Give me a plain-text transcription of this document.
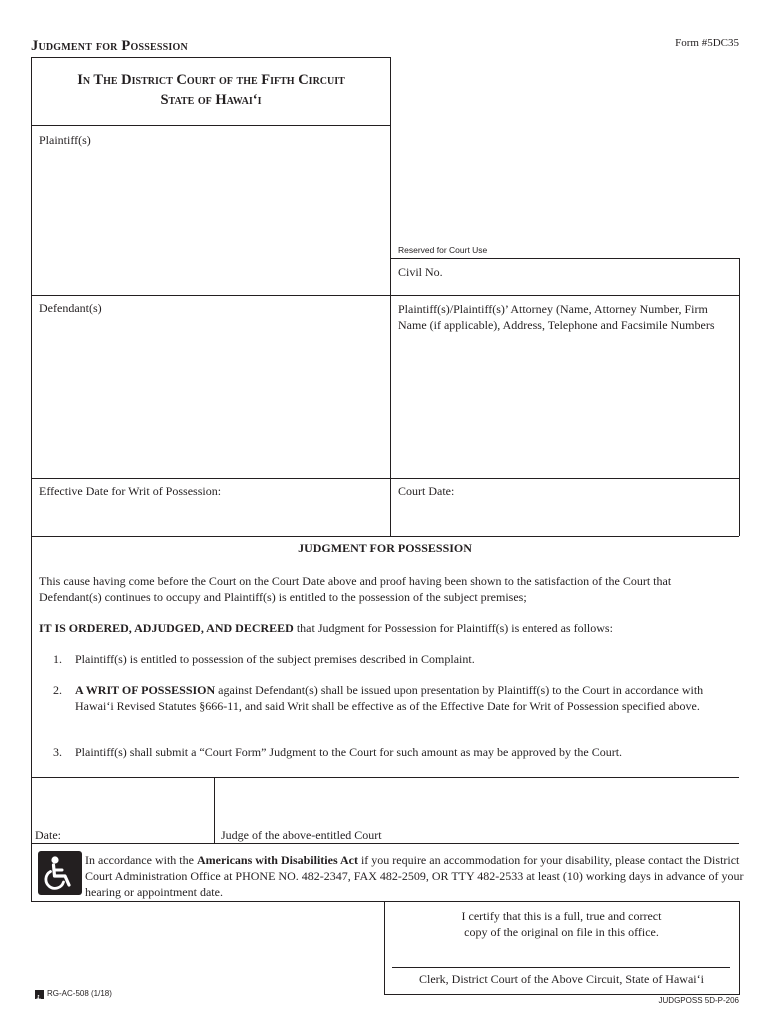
Judgment for Possession	Form #5DC35
In The District Court of the Fifth Circuit
State of Hawai‘i
Plaintiff(s)
Reserved for Court Use
Civil No.
Defendant(s)	Plaintiff(s)/Plaintiff(s)’ Attorney (Name, Attorney Number, Firm Name (if applicable), Address, Telephone and Facsimile Numbers
Effective Date for Writ of Possession:	Court Date:
JUDGMENT FOR POSSESSION
This cause having come before the Court on the Court Date above and proof having been shown to the satisfaction of the Court that Defendant(s) continues to occupy and Plaintiff(s) is entitled to the possession of the subject premises;
IT IS ORDERED, ADJUDGED, AND DECREED that Judgment for Possession for Plaintiff(s) is entered as follows:
1. Plaintiff(s) is entitled to possession of the subject premises described in Complaint.
2. A WRIT OF POSSESSION against Defendant(s) shall be issued upon presentation by Plaintiff(s) to the Court in accordance with Hawai‘i Revised Statutes §666-11, and said Writ shall be effective as of the Effective Date for Writ of Possession specified above.
3. Plaintiff(s) shall submit a “Court Form” Judgment to the Court for such amount as may be approved by the Court.
Date:	Judge of the above-entitled Court
In accordance with the Americans with Disabilities Act if you require an accommodation for your disability, please contact the District Court Administration Office at PHONE NO. 482-2347, FAX 482-2509, OR TTY 482-2533 at least (10) working days in advance of your hearing or appointment date.
I certify that this is a full, true and correct
copy of the original on file in this office.
Clerk, District Court of the Above Circuit, State of Hawai‘i
RG-AC-508 (1/18)
JUDGPOSS 5D-P-206
